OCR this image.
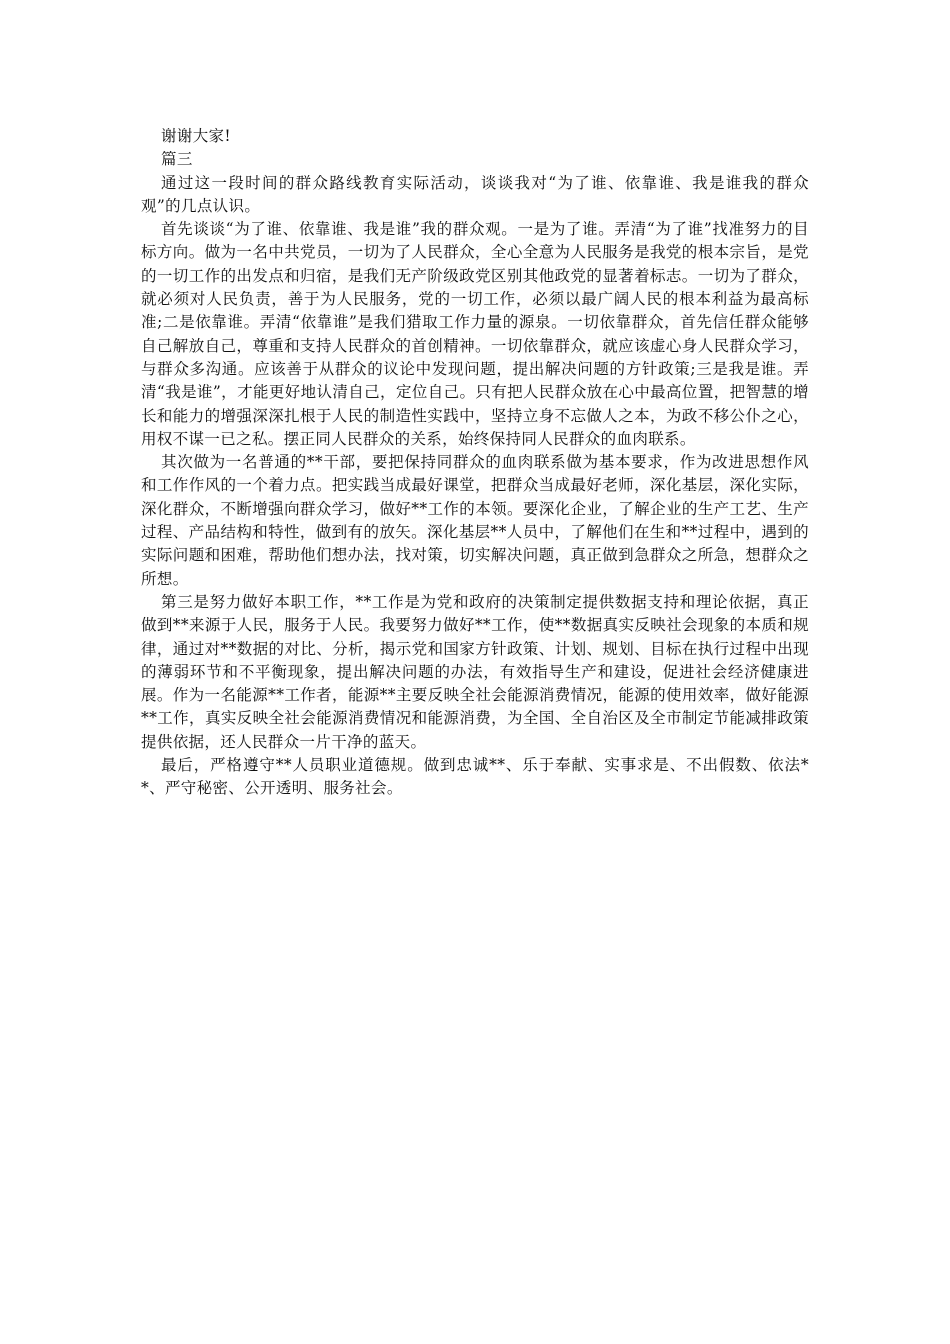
谢谢大家!

篇三

通过这一段时间的群众路线教育实际活动，谈谈我对“为了谁、依靠谁、我是谁我的群众观”的几点认识。

首先谈谈“为了谁、依靠谁、我是谁”我的群众观。一是为了谁。弄清“为了谁”找准努力的目标方向。做为一名中共党员，一切为了人民群众，全心全意为人民服务是我党的根本宗旨，是党的一切工作的出发点和归宿，是我们无产阶级政党区别其他政党的显著着标志。一切为了群众，就必须对人民负责，善于为人民服务，党的一切工作，必须以最广阔人民的根本利益为最高标准;二是依靠谁。弄清“依靠谁”是我们猎取工作力量的源泉。一切依靠群众，首先信任群众能够自己解放自己，尊重和支持人民群众的首创精神。一切依靠群众，就应该虚心身人民群众学习，与群众多沟通。应该善于从群众的议论中发现问题，提出解决问题的方针政策;三是我是谁。弄清“我是谁”，才能更好地认清自己，定位自己。只有把人民群众放在心中最高位置，把智慧的增长和能力的增强深深扎根于人民的制造性实践中，坚持立身不忘做人之本，为政不移公仆之心，用权不谋一已之私。摆正同人民群众的关系，始终保持同人民群众的血肉联系。

其次做为一名普通的**干部，要把保持同群众的血肉联系做为基本要求，作为改进思想作风和工作作风的一个着力点。把实践当成最好课堂，把群众当成最好老师，深化基层，深化实际，深化群众，不断增强向群众学习，做好**工作的本领。要深化企业，了解企业的生产工艺、生产过程、产品结构和特性，做到有的放矢。深化基层**人员中，了解他们在生和**过程中，遇到的实际问题和困难，帮助他们想办法，找对策，切实解决问题，真正做到急群众之所急，想群众之所想。

第三是努力做好本职工作，**工作是为党和政府的决策制定提供数据支持和理论依据，真正做到**来源于人民，服务于人民。我要努力做好**工作，使**数据真实反映社会现象的本质和规律，通过对**数据的对比、分析，揭示党和国家方针政策、计划、规划、目标在执行过程中出现的薄弱环节和不平衡现象，提出解决问题的办法，有效指导生产和建设，促进社会经济健康进展。作为一名能源**工作者，能源**主要反映全社会能源消费情况，能源的使用效率，做好能源**工作，真实反映全社会能源消费情况和能源消费，为全国、全自治区及全市制定节能减排政策提供依据，还人民群众一片干净的蓝天。

最后，严格遵守**人员职业道德规。做到忠诚**、乐于奉献、实事求是、不出假数、依法**、严守秘密、公开透明、服务社会。
